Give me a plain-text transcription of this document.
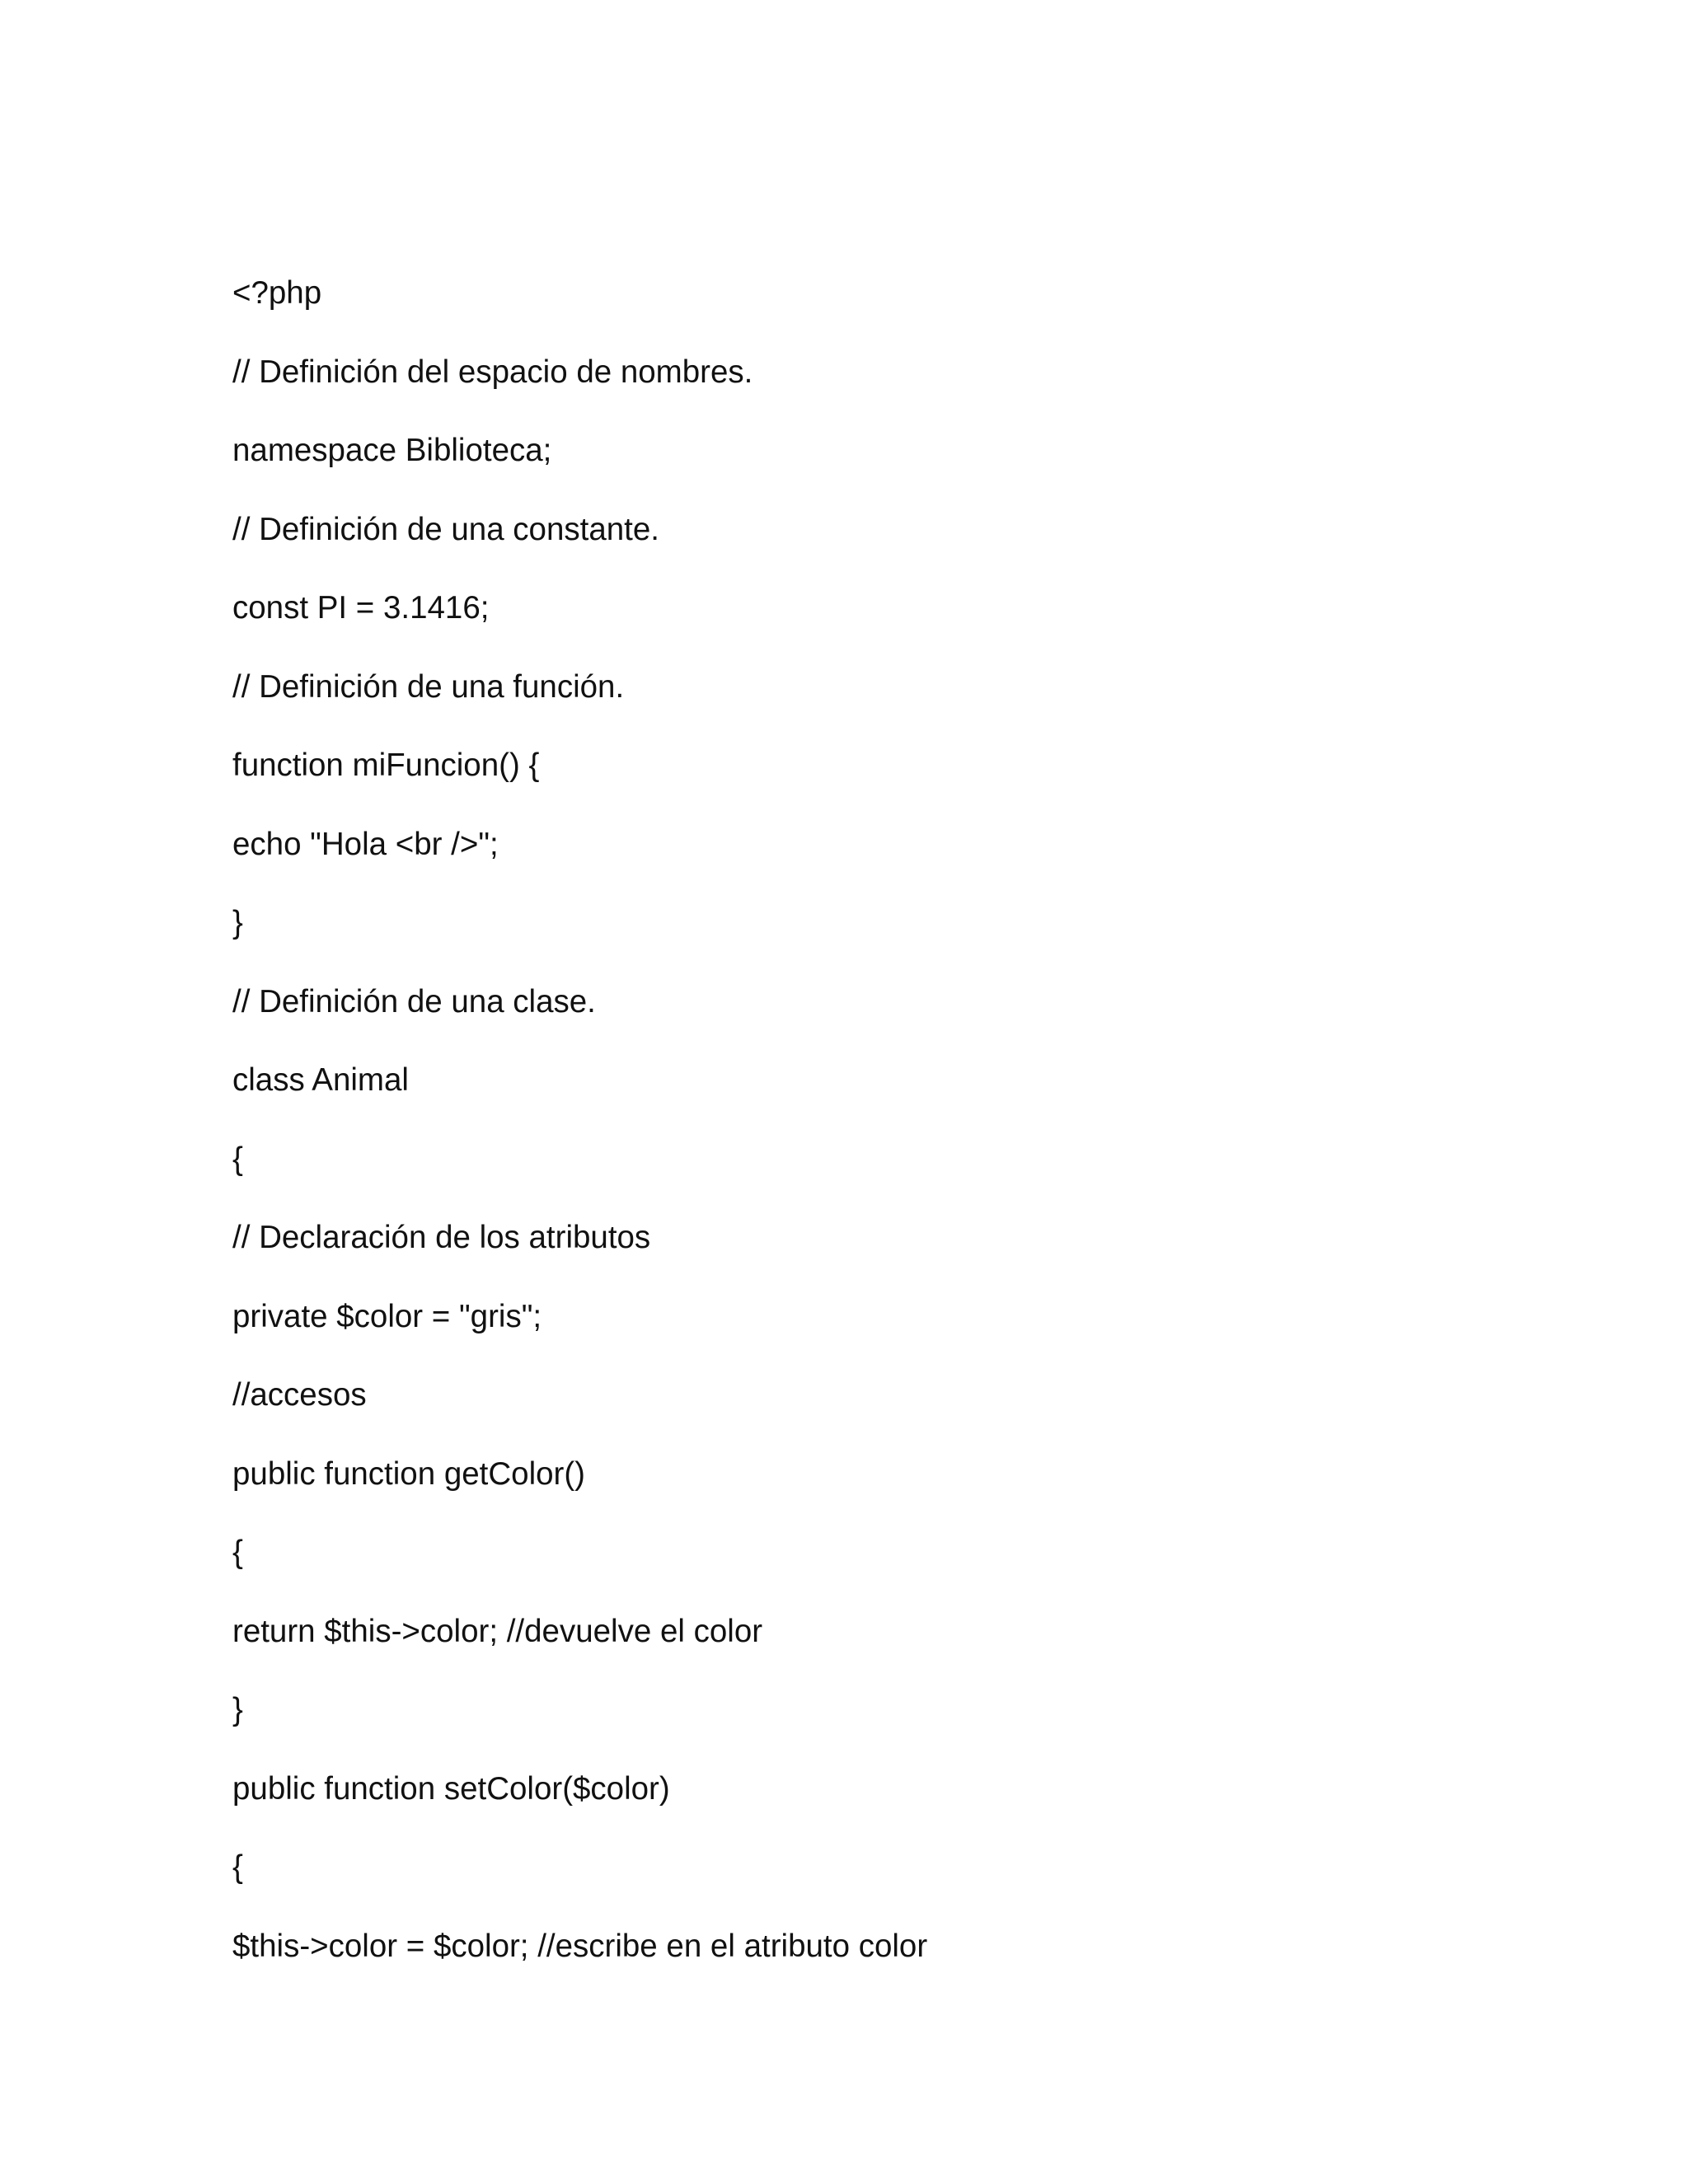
<?php
// Definición del espacio de nombres.
namespace Biblioteca;
// Definición de una constante.
const PI = 3.1416;
// Definición de una función.
function miFuncion() {
echo "Hola <br />";
}
// Definición de una clase.
class Animal
{
// Declaración de los atributos
private $color = "gris";
//accesos
public function getColor()
{
return $this->color; //devuelve el color
}
public function setColor($color)
{
$this->color = $color; //escribe en el atributo color
